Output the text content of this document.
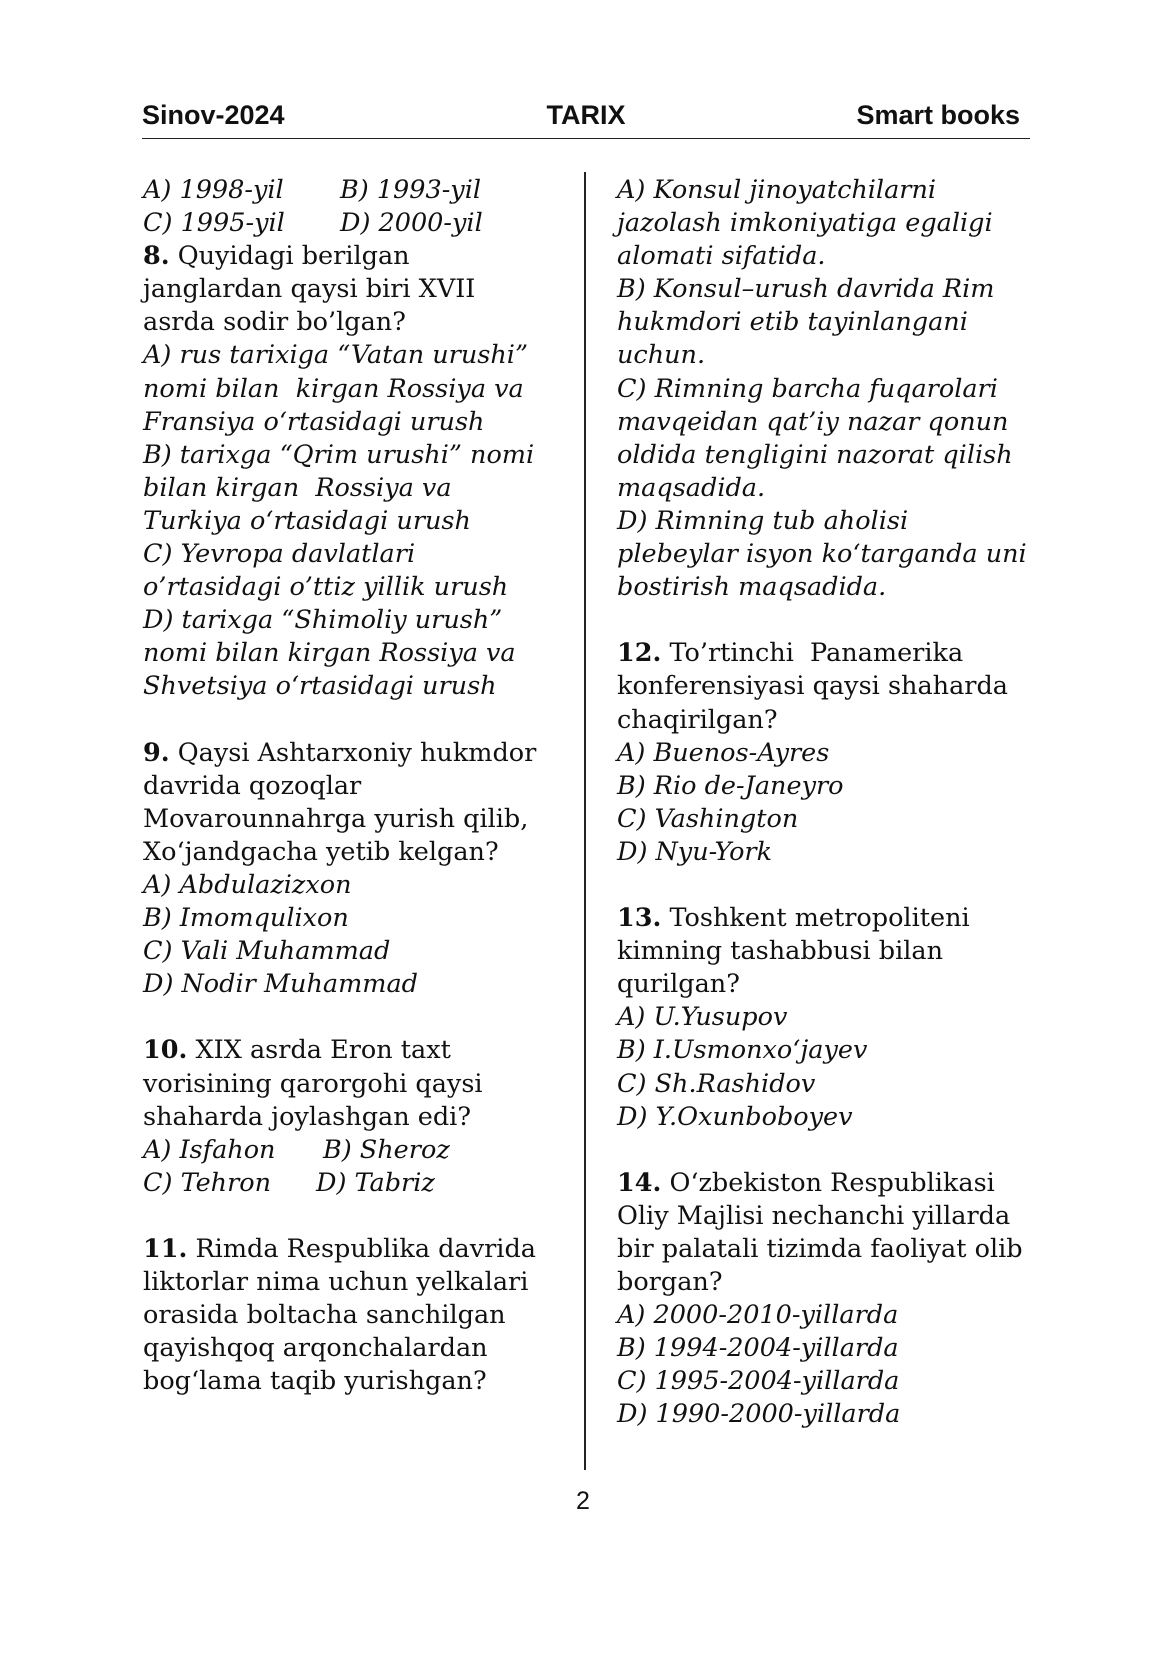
Sinov-2024	TARIX	Smart books
A) 1998-yil	B) 1993-yil
C) 1995-yil	D) 2000-yil
8. Quyidagi berilgan
janglardan qaysi biri XVII
asrda sodir bo’lgan?
A) rus tarixiga “Vatan urushi”
nomi bilan  kirgan Rossiya va
Fransiya oʻrtasidagi urush
B) tarixga “Qrim urushi” nomi
bilan kirgan  Rossiya va
Turkiya oʻrtasidagi urush
C) Yevropa davlatlari
o’rtasidagi o’ttiz yillik urush
D) tarixga “Shimoliy urush”
nomi bilan kirgan Rossiya va
Shvetsiya oʻrtasidagi urush
9. Qaysi Ashtarxoniy hukmdor
davrida qozoqlar
Movarounnahrga yurish qilib,
Xoʻjandgacha yetib kelgan?
A) Abdulazizxon
B) Imomqulixon
C) Vali Muhammad
D) Nodir Muhammad
10. XIX asrda Eron taxt
vorisining qarorgohi qaysi
shaharda joylashgan edi?
A) Isfahon	B) Sheroz
C) Tehron	D) Tabriz
11. Rimda Respublika davrida
liktorlar nima uchun yelkalari
orasida boltacha sanchilgan
qayishqoq arqonchalardan
bogʻlama taqib yurishgan?
A) Konsul jinoyatchilarni
jazolash imkoniyatiga egaligi
alomati sifatida.
B) Konsul–urush davrida Rim
hukmdori etib tayinlangani
uchun.
C) Rimning barcha fuqarolari
mavqeidan qat’iy nazar qonun
oldida tengligini nazorat qilish
maqsadida.
D) Rimning tub aholisi
plebeylar isyon koʻtarganda uni
bostirish maqsadida.
12. To’rtinchi  Panamerika
konferensiyasi qaysi shaharda
chaqirilgan?
A) Buenos-Ayres
B) Rio de-Janeyro
C) Vashington
D) Nyu-York
13. Toshkent metropoliteni
kimning tashabbusi bilan
qurilgan?
A) U.Yusupov
B) I.Usmonxoʻjayev
C) Sh.Rashidov
D) Y.Oxunboboyev
14. Oʻzbekiston Respublikasi
Oliy Majlisi nechanchi yillarda
bir palatali tizimda faoliyat olib
borgan?
A) 2000-2010-yillarda
B) 1994-2004-yillarda
C) 1995-2004-yillarda
D) 1990-2000-yillarda
2
